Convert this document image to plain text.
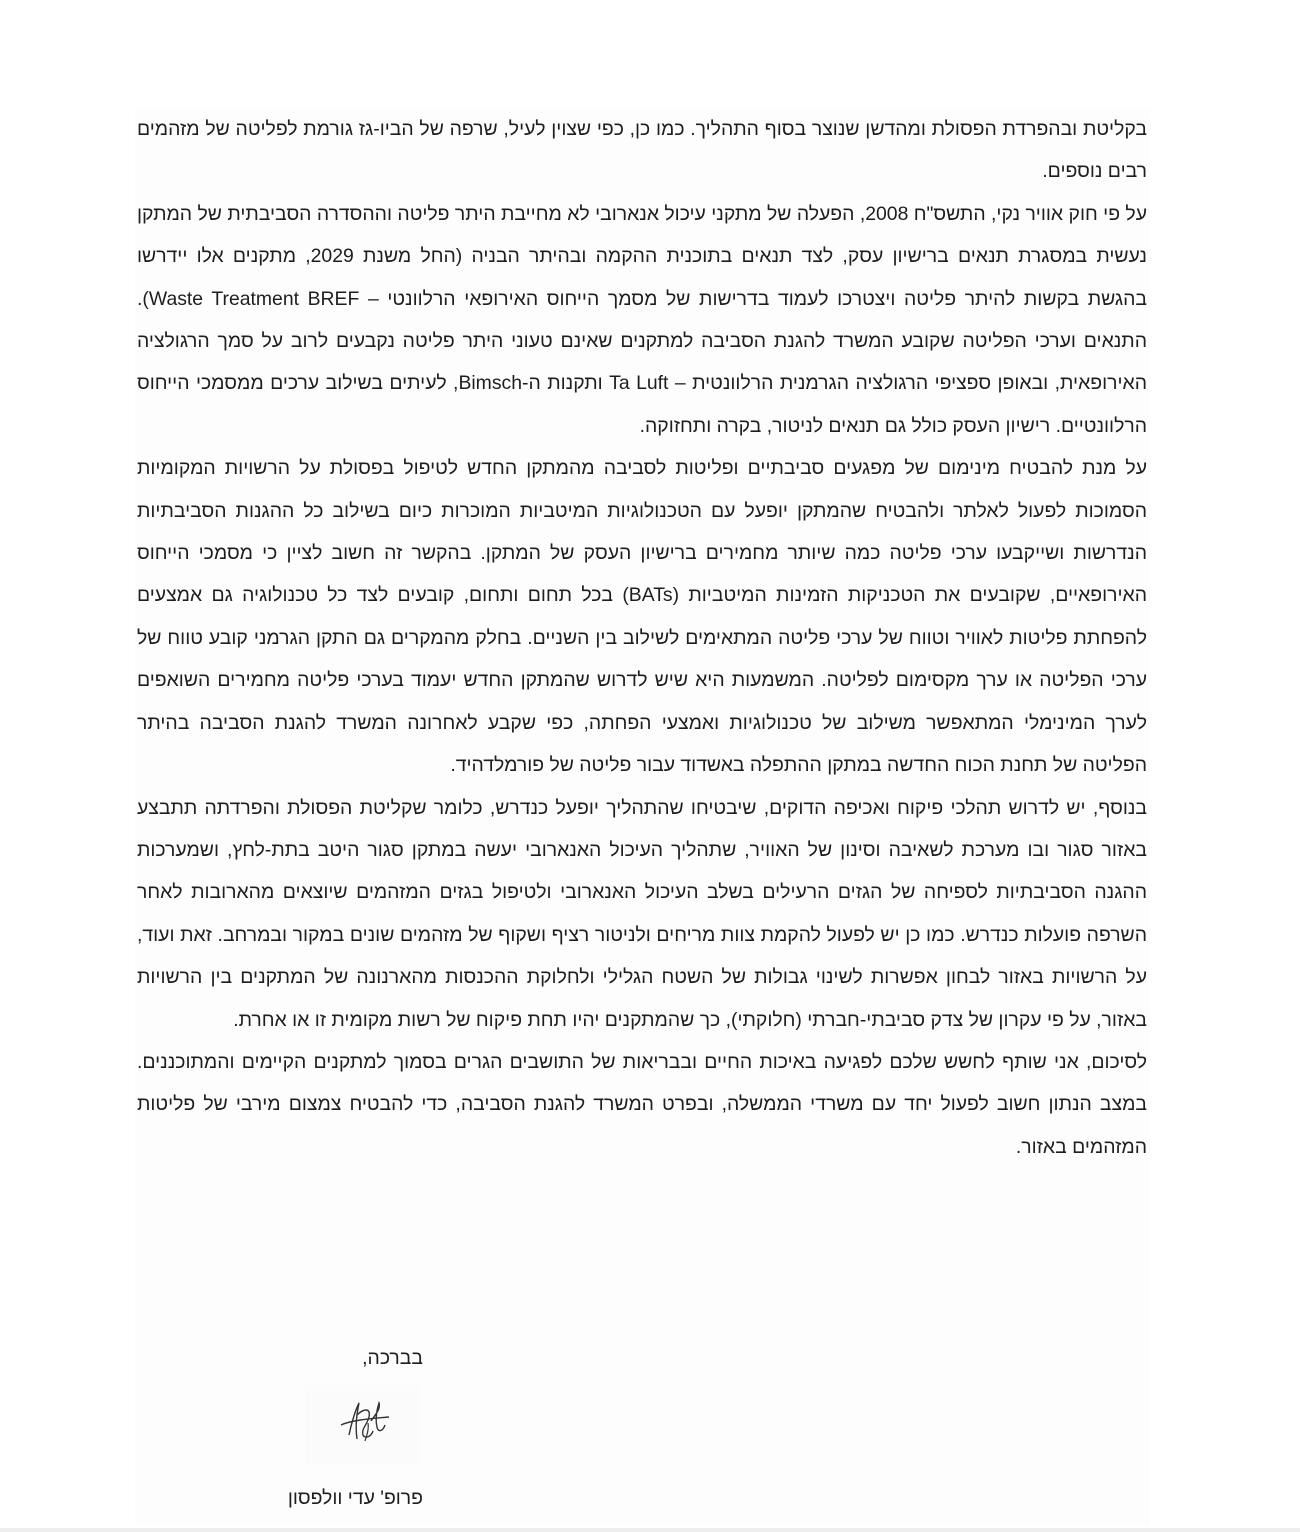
בקליטת ובהפרדת הפסולת ומהדשן שנוצר בסוף התהליך. כמו כן, כפי שצוין לעיל, שרפה של הביו-גז גורמת לפליטה של מזהמים רבים נוספים.

על פי חוק אוויר נקי, התשס"ח 2008, הפעלה של מתקני עיכול אנארובי לא מחייבת היתר פליטה וההסדרה הסביבתית של המתקן נעשית במסגרת תנאים ברישיון עסק, לצד תנאים בתוכנית ההקמה ובהיתר הבניה (החל משנת 2029, מתקנים אלו יידרשו בהגשת בקשות להיתר פליטה ויצטרכו לעמוד בדרישות של מסמך הייחוס האירופאי הרלוונטי – Waste Treatment BREF). התנאים וערכי הפליטה שקובע המשרד להגנת הסביבה למתקנים שאינם טעוני היתר פליטה נקבעים לרוב על סמך הרגולציה האירופאית, ובאופן ספציפי הרגולציה הגרמנית הרלוונטית – Ta Luft ותקנות ה-Bimsch, לעיתים בשילוב ערכים ממסמכי הייחוס הרלוונטיים. רישיון העסק כולל גם תנאים לניטור, בקרה ותחזוקה.

על מנת להבטיח מינימום של מפגעים סביבתיים ופליטות לסביבה מהמתקן החדש לטיפול בפסולת על הרשויות המקומיות הסמוכות לפעול לאלתר ולהבטיח שהמתקן יופעל עם הטכנולוגיות המיטביות המוכרות כיום בשילוב כל ההגנות הסביבתיות הנדרשות ושייקבעו ערכי פליטה כמה שיותר מחמירים ברישיון העסק של המתקן. בהקשר זה חשוב לציין כי מסמכי הייחוס האירופאיים, שקובעים את הטכניקות הזמינות המיטביות (BATs) בכל תחום ותחום, קובעים לצד כל טכנולוגיה גם אמצעים להפחתת פליטות לאוויר וטווח של ערכי פליטה המתאימים לשילוב בין השניים. בחלק מהמקרים גם התקן הגרמני קובע טווח של ערכי הפליטה או ערך מקסימום לפליטה. המשמעות היא שיש לדרוש שהמתקן החדש יעמוד בערכי פליטה מחמירים השואפים לערך המינימלי המתאפשר משילוב של טכנולוגיות ואמצעי הפחתה, כפי שקבע לאחרונה המשרד להגנת הסביבה בהיתר הפליטה של תחנת הכוח החדשה במתקן ההתפלה באשדוד עבור פליטה של פורמלדהיד.

בנוסף, יש לדרוש תהלכי פיקוח ואכיפה הדוקים, שיבטיחו שהתהליך יופעל כנדרש, כלומר שקליטת הפסולת והפרדתה תתבצע באזור סגור ובו מערכת לשאיבה וסינון של האוויר, שתהליך העיכול האנארובי יעשה במתקן סגור היטב בתת-לחץ, ושמערכות ההגנה הסביבתיות לספיחה של הגזים הרעילים בשלב העיכול האנארובי ולטיפול בגזים המזהמים שיוצאים מהארובות לאחר השרפה פועלות כנדרש. כמו כן יש לפעול להקמת צוות מריחים ולניטור רציף ושקוף של מזהמים שונים במקור ובמרחב. זאת ועוד, על הרשויות באזור לבחון אפשרות לשינוי גבולות של השטח הגלילי ולחלוקת ההכנסות מהארנונה של המתקנים בין הרשויות באזור, על פי עקרון של צדק סביבתי-חברתי (חלוקתי), כך שהמתקנים יהיו תחת פיקוח של רשות מקומית זו או אחרת.

לסיכום, אני שותף לחשש שלכם לפגיעה באיכות החיים ובבריאות של התושבים הגרים בסמוך למתקנים הקיימים והמתוכננים. במצב הנתון חשוב לפעול יחד עם משרדי הממשלה, ובפרט המשרד להגנת הסביבה, כדי להבטיח צמצום מירבי של פליטות המזהמים באזור.

בברכה,
פרופ' עדי וולפסון
